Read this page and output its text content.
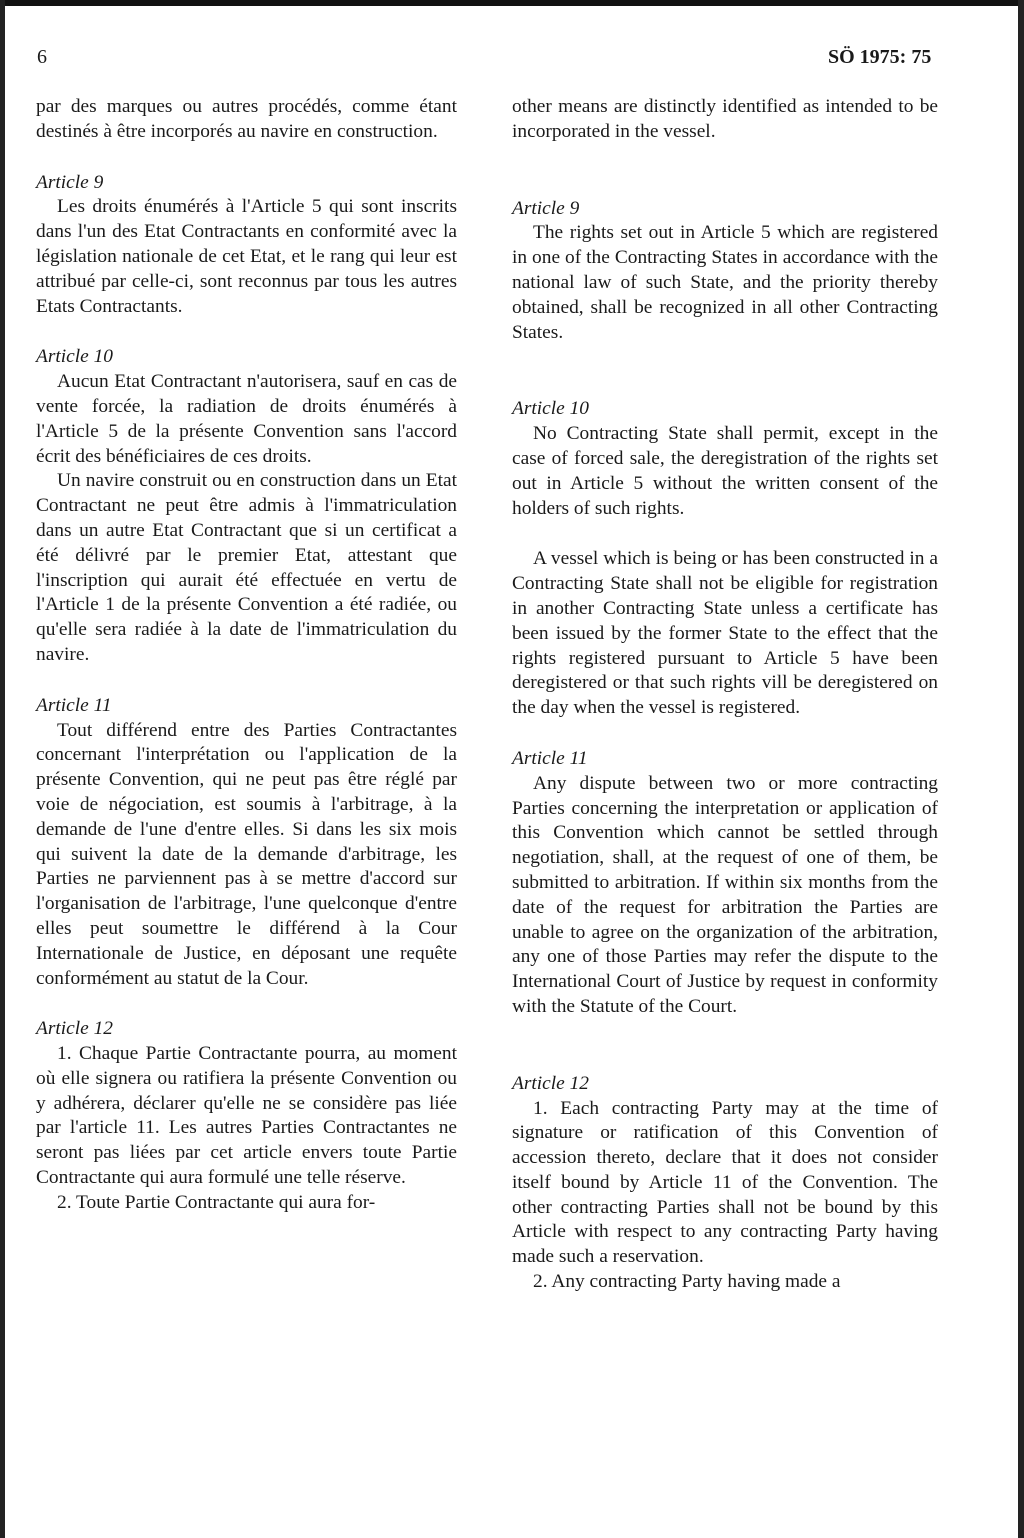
6	SÖ 1975: 75

par des marques ou autres procédés, comme étant destinés à être incorporés au navire en construction.

Article 9

Les droits énumérés à l'Article 5 qui sont inscrits dans l'un des Etat Contractants en conformité avec la législation nationale de cet Etat, et le rang qui leur est attribué par celle-ci, sont reconnus par tous les autres Etats Contractants.

Article 10

Aucun Etat Contractant n'autorisera, sauf en cas de vente forcée, la radiation de droits énumérés à l'Article 5 de la présente Convention sans l'accord écrit des bénéficiaires de ces droits.

Un navire construit ou en construction dans un Etat Contractant ne peut être admis à l'immatriculation dans un autre Etat Contractant que si un certificat a été délivré par le premier Etat, attestant que l'inscription qui aurait été effectuée en vertu de l'Article 1 de la présente Convention a été radiée, ou qu'elle sera radiée à la date de l'immatriculation du navire.

Article 11

Tout différend entre des Parties Contractantes concernant l'interprétation ou l'application de la présente Convention, qui ne peut pas être réglé par voie de négociation, est soumis à l'arbitrage, à la demande de l'une d'entre elles. Si dans les six mois qui suivent la date de la demande d'arbitrage, les Parties ne parviennent pas à se mettre d'accord sur l'organisation de l'arbitrage, l'une quelconque d'entre elles peut soumettre le différend à la Cour Internationale de Justice, en déposant une requête conformément au statut de la Cour.

Article 12

1. Chaque Partie Contractante pourra, au moment où elle signera ou ratifiera la présente Convention ou y adhérera, déclarer qu'elle ne se considère pas liée par l'article 11. Les autres Parties Contractantes ne seront pas liées par cet article envers toute Partie Contractante qui aura formulé une telle réserve.

2. Toute Partie Contractante qui aura for-

other means are distinctly identified as intended to be incorporated in the vessel.

Article 9

The rights set out in Article 5 which are registered in one of the Contracting States in accordance with the national law of such State, and the priority thereby obtained, shall be recognized in all other Contracting States.

Article 10

No Contracting State shall permit, except in the case of forced sale, the deregistration of the rights set out in Article 5 without the written consent of the holders of such rights.

A vessel which is being or has been constructed in a Contracting State shall not be eligible for registration in another Contracting State unless a certificate has been issued by the former State to the effect that the rights registered pursuant to Article 5 have been deregistered or that such rights vill be deregistered on the day when the vessel is registered.

Article 11

Any dispute between two or more contracting Parties concerning the interpretation or application of this Convention which cannot be settled through negotiation, shall, at the request of one of them, be submitted to arbitration. If within six months from the date of the request for arbitration the Parties are unable to agree on the organization of the arbitration, any one of those Parties may refer the dispute to the International Court of Justice by request in conformity with the Statute of the Court.

Article 12

1. Each contracting Party may at the time of signature or ratification of this Convention of accession thereto, declare that it does not consider itself bound by Article 11 of the Convention. The other contracting Parties shall not be bound by this Article with respect to any contracting Party having made such a reservation.

2. Any contracting Party having made a
